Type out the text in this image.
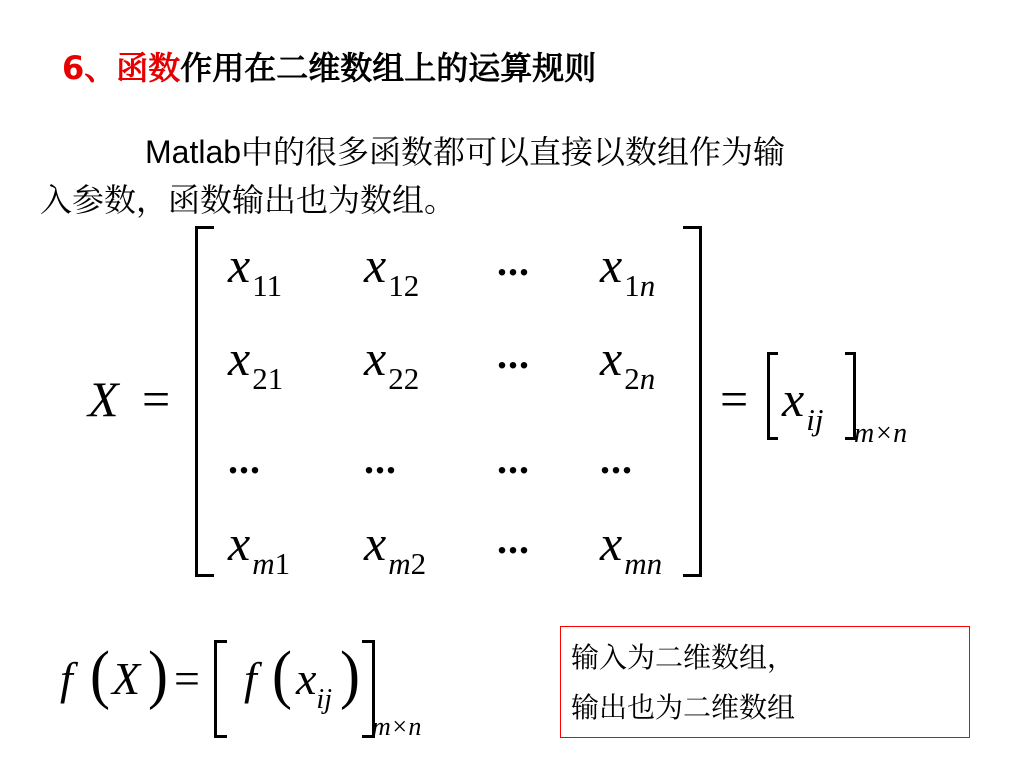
6、函数作用在二维数组上的运算规则
Matlab中的很多函数都可以直接以数组作为输
入参数，函数输出也为数组。
X =
$x_{11}$ $x_{12}$
... $x_{1n}$
$x_{21}$ $x_{22}$
... $x_{2n}$
...	...	... ...
$x_{m1}$ $x_{m2}$
... $x_{mn}$
= xij m×n
f ( X ) = f ( xij )
m×n
输入为二维数组，
输出也为二维数组
